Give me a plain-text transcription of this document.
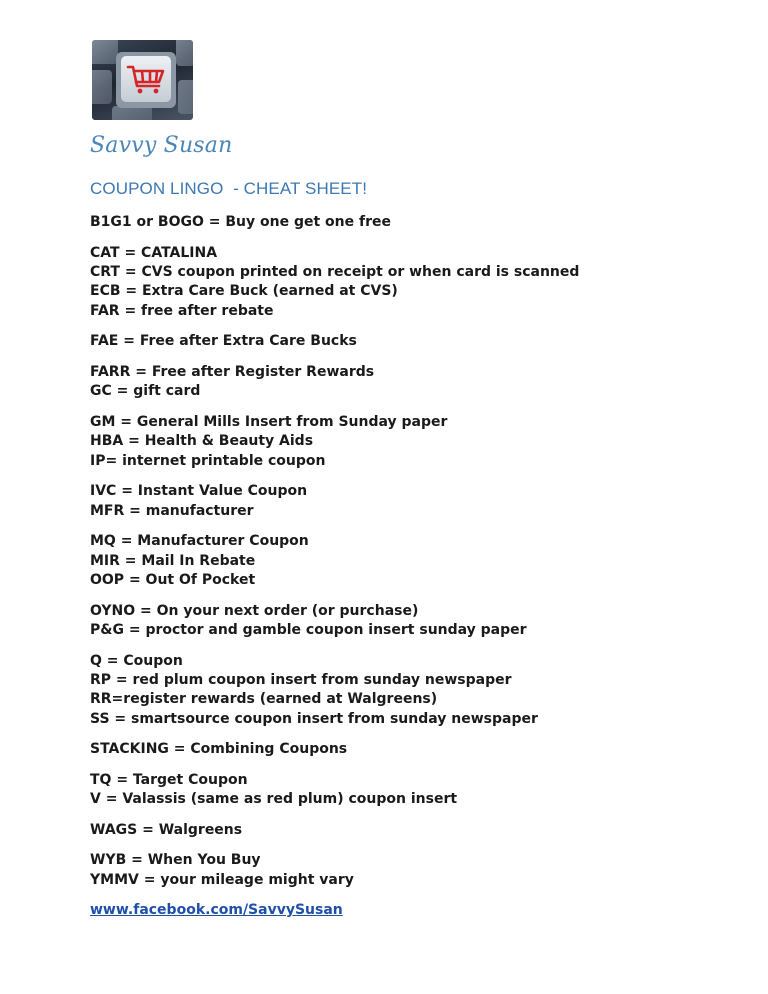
Savvy Susan
COUPON LINGO  - CHEAT SHEET!
B1G1 or BOGO = Buy one get one free
CAT = CATALINA
CRT = CVS coupon printed on receipt or when card is scanned
ECB = Extra Care Buck (earned at CVS)
FAR = free after rebate
FAE = Free after Extra Care Bucks
FARR = Free after Register Rewards
GC = gift card
GM = General Mills Insert from Sunday paper
HBA = Health & Beauty Aids
IP= internet printable coupon
IVC = Instant Value Coupon
MFR = manufacturer
MQ = Manufacturer Coupon
MIR = Mail In Rebate
OOP = Out Of Pocket
OYNO = On your next order (or purchase)
P&G = proctor and gamble coupon insert sunday paper
Q = Coupon
RP = red plum coupon insert from sunday newspaper
RR=register rewards (earned at Walgreens)
SS = smartsource coupon insert from sunday newspaper
STACKING = Combining Coupons
TQ = Target Coupon
V = Valassis (same as red plum) coupon insert
WAGS = Walgreens
WYB = When You Buy
YMMV = your mileage might vary
www.facebook.com/SavvySusan
